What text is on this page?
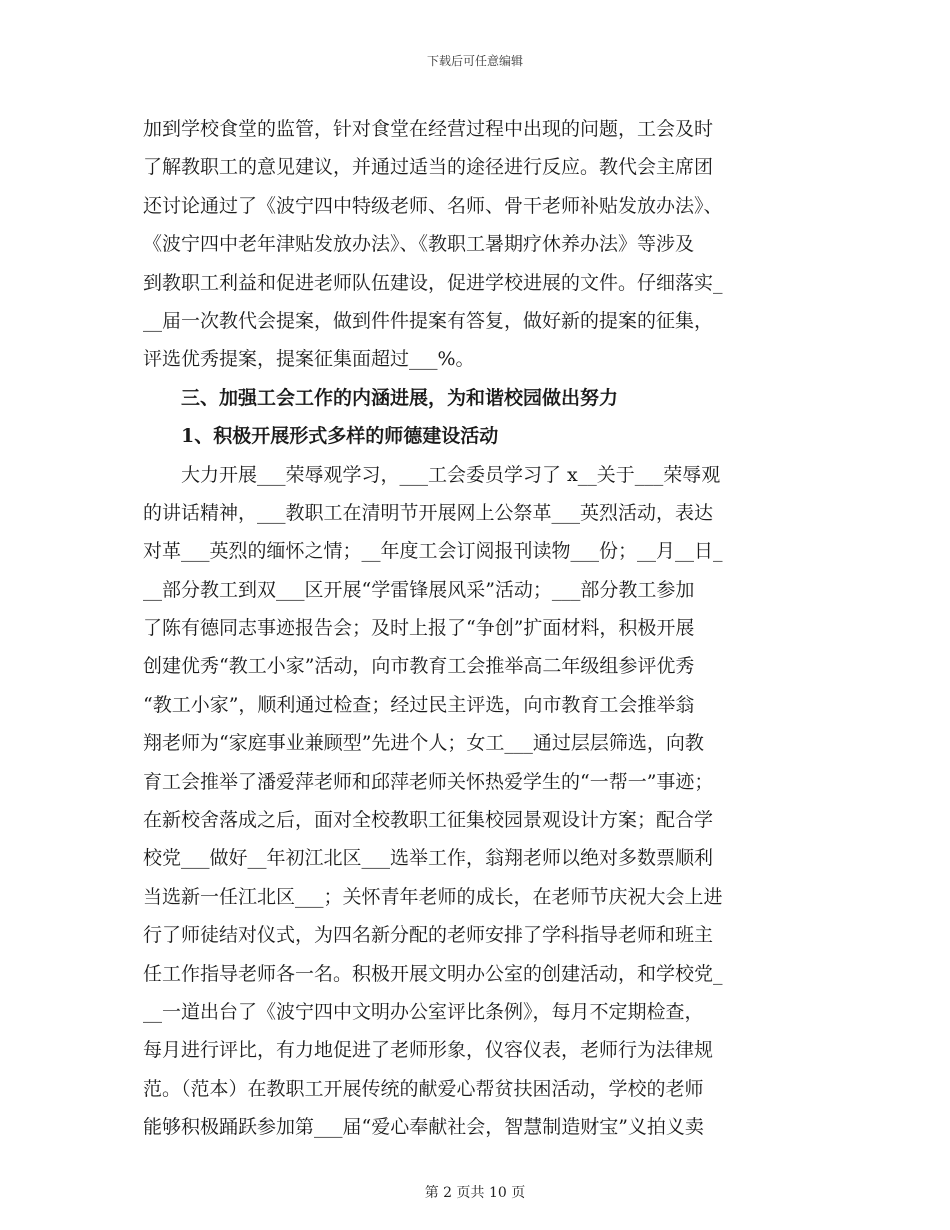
下载后可任意编辑
加到学校食堂的监管，针对食堂在经营过程中出现的问题，工会及时
了解教职工的意见建议，并通过适当的途径进行反应。教代会主席团
还讨论通过了《波宁四中特级老师、名师、骨干老师补贴发放办法》、
《波宁四中老年津贴发放办法》、《教职工暑期疗休养办法》等涉及
到教职工利益和促进老师队伍建设，促进学校进展的文件。仔细落实_
__届一次教代会提案，做到件件提案有答复，做好新的提案的征集，
评选优秀提案，提案征集面超过___%。
三、加强工会工作的内涵进展，为和谐校园做出努力
1、积极开展形式多样的师德建设活动
大力开展___荣辱观学习，___工会委员学习了 x__关于___荣辱观
的讲话精神，___教职工在清明节开展网上公祭革___英烈活动，表达
对革___英烈的缅怀之情；__年度工会订阅报刊读物___份；__月__日_
__部分教工到双___区开展“学雷锋展风采”活动；___部分教工参加
了陈有德同志事迹报告会；及时上报了“争创”扩面材料，积极开展
创建优秀“教工小家”活动，向市教育工会推举高二年级组参评优秀
“教工小家”，顺利通过检查；经过民主评选，向市教育工会推举翁
翔老师为“家庭事业兼顾型”先进个人；女工___通过层层筛选，向教
育工会推举了潘爱萍老师和邱萍老师关怀热爱学生的“一帮一”事迹；
在新校舍落成之后，面对全校教职工征集校园景观设计方案；配合学
校党___做好__年初江北区___选举工作，翁翔老师以绝对多数票顺利
当选新一任江北区___；关怀青年老师的成长，在老师节庆祝大会上进
行了师徒结对仪式，为四名新分配的老师安排了学科指导老师和班主
任工作指导老师各一名。积极开展文明办公室的创建活动，和学校党_
__一道出台了《波宁四中文明办公室评比条例》，每月不定期检查，
每月进行评比，有力地促进了老师形象，仪容仪表，老师行为法律规
范。（范本）在教职工开展传统的献爱心帮贫扶困活动，学校的老师
能够积极踊跃参加第___届“爱心奉献社会，智慧制造财宝”义拍义卖
第 2 页共 10 页
